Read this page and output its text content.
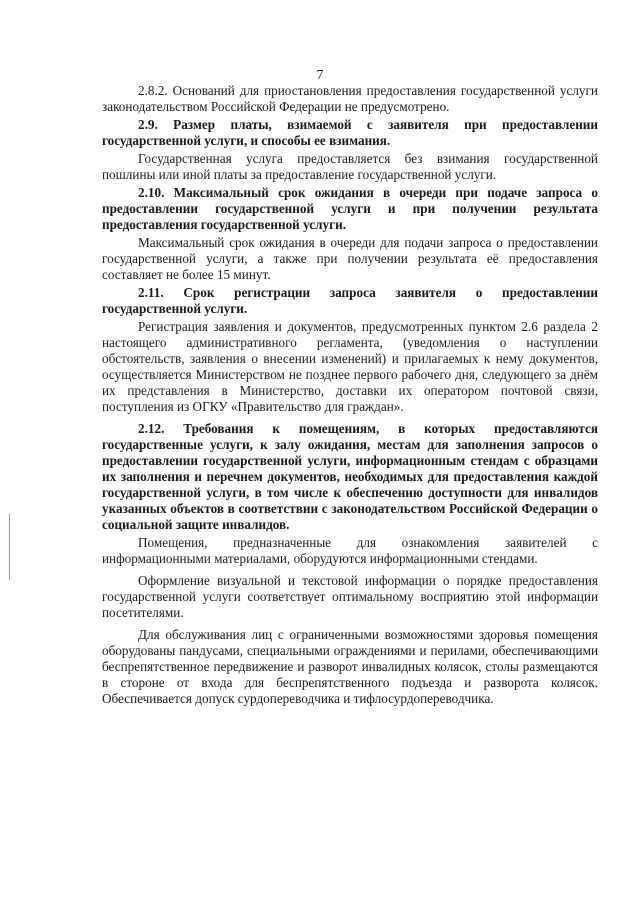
7

2.8.2. Оснований для приостановления предоставления государственной услуги законодательством Российской Федерации не предусмотрено.

2.9. Размер платы, взимаемой с заявителя при предоставлении государственной услуги, и способы ее взимания.

Государственная услуга предоставляется без взимания государственной пошлины или иной платы за предоставление государственной услуги.

2.10. Максимальный срок ожидания в очереди при подаче запроса о предоставлении государственной услуги и при получении результата предоставления государственной услуги.

Максимальный срок ожидания в очереди для подачи запроса о предоставлении государственной услуги, а также при получении результата её предоставления составляет не более 15 минут.

2.11. Срок регистрации запроса заявителя о предоставлении государственной услуги.

Регистрация заявления и документов, предусмотренных пунктом 2.6 раздела 2 настоящего административного регламента, (уведомления о наступлении обстоятельств, заявления о внесении изменений) и прилагаемых к нему документов, осуществляется Министерством не позднее первого рабочего дня, следующего за днём их представления в Министерство, доставки их оператором почтовой связи, поступления из ОГКУ «Правительство для граждан».

2.12. Требования к помещениям, в которых предоставляются государственные услуги, к залу ожидания, местам для заполнения запросов о предоставлении государственной услуги, информационным стендам с образцами их заполнения и перечнем документов, необходимых для предоставления каждой государственной услуги, в том числе к обеспечению доступности для инвалидов указанных объектов в соответствии с законодательством Российской Федерации о социальной защите инвалидов.

Помещения, предназначенные для ознакомления заявителей с информационными материалами, оборудуются информационными стендами.

Оформление визуальной и текстовой информации о порядке предоставления государственной услуги соответствует оптимальному восприятию этой информации посетителями.

Для обслуживания лиц с ограниченными возможностями здоровья помещения оборудованы пандусами, специальными ограждениями и перилами, обеспечивающими беспрепятственное передвижение и разворот инвалидных колясок, столы размещаются в стороне от входа для беспрепятственного подъезда и разворота колясок. Обеспечивается допуск сурдопереводчика и тифлосурдопереводчика.
